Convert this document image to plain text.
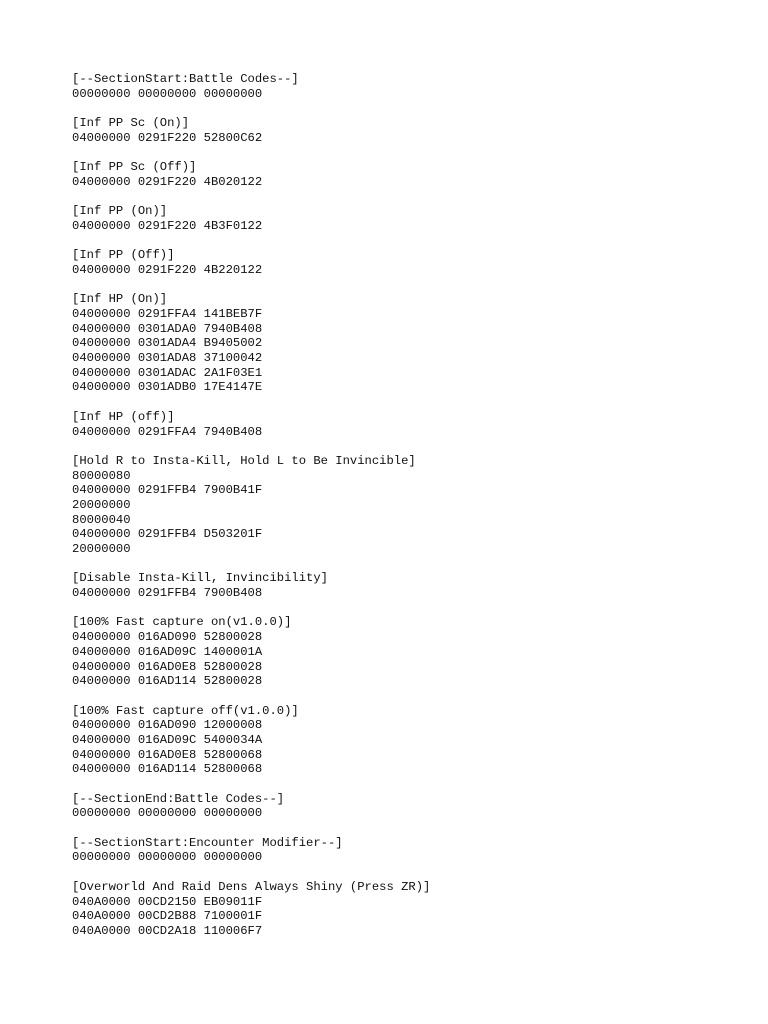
[--SectionStart:Battle Codes--]
00000000 00000000 00000000
[Inf PP Sc (On)]
04000000 0291F220 52800C62
[Inf PP Sc (Off)]
04000000 0291F220 4B020122
[Inf PP (On)]
04000000 0291F220 4B3F0122
[Inf PP (Off)]
04000000 0291F220 4B220122
[Inf HP (On)]
04000000 0291FFA4 141BEB7F
04000000 0301ADA0 7940B408
04000000 0301ADA4 B9405002
04000000 0301ADA8 37100042
04000000 0301ADAC 2A1F03E1
04000000 0301ADB0 17E4147E
[Inf HP (off)]
04000000 0291FFA4 7940B408
[Hold R to Insta-Kill, Hold L to Be Invincible]
80000080
04000000 0291FFB4 7900B41F
20000000
80000040
04000000 0291FFB4 D503201F
20000000
[Disable Insta-Kill, Invincibility]
04000000 0291FFB4 7900B408
[100% Fast capture on(v1.0.0)]
04000000 016AD090 52800028
04000000 016AD09C 1400001A
04000000 016AD0E8 52800028
04000000 016AD114 52800028
[100% Fast capture off(v1.0.0)]
04000000 016AD090 12000008
04000000 016AD09C 5400034A
04000000 016AD0E8 52800068
04000000 016AD114 52800068
[--SectionEnd:Battle Codes--]
00000000 00000000 00000000
[--SectionStart:Encounter Modifier--]
00000000 00000000 00000000
[Overworld And Raid Dens Always Shiny (Press ZR)]
040A0000 00CD2150 EB09011F
040A0000 00CD2B88 7100001F
040A0000 00CD2A18 110006F7
